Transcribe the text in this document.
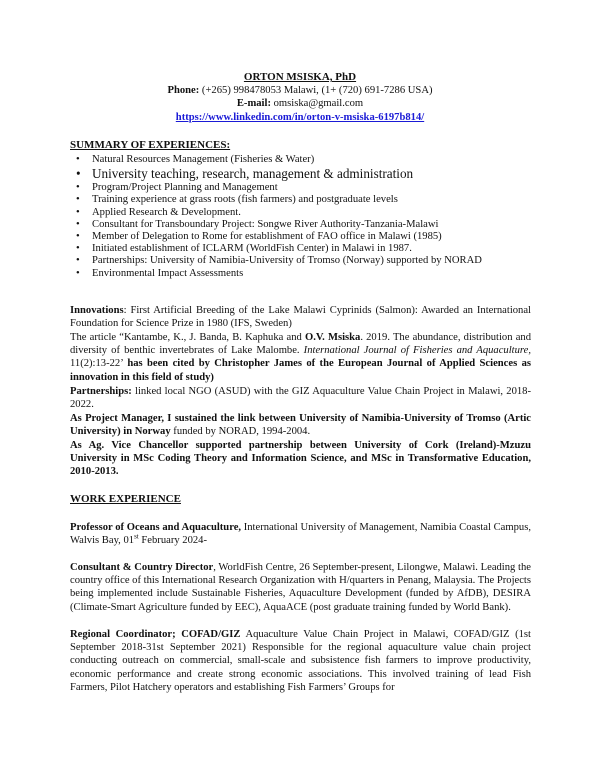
ORTON MSISKA, PhD
Phone: (+265) 998478053 Malawi, (1+ (720) 691-7286 USA)
E-mail: omsiska@gmail.com
https://www.linkedin.com/in/orton-v-msiska-6197b814/
SUMMARY OF EXPERIENCES:
• Natural Resources Management (Fisheries & Water)
• University teaching, research, management & administration
• Program/Project Planning and Management
• Training experience at grass roots (fish farmers) and postgraduate levels
• Applied Research & Development.
• Consultant for Transboundary Project: Songwe River Authority-Tanzania-Malawi
• Member of Delegation to Rome for establishment of FAO office in Malawi (1985)
• Initiated establishment of ICLARM (WorldFish Center) in Malawi in 1987.
• Partnerships: University of Namibia-University of Tromso (Norway) supported by NORAD
• Environmental Impact Assessments

Innovations: First Artificial Breeding of the Lake Malawi Cyprinids (Salmon): Awarded an International Foundation for Science Prize in 1980 (IFS, Sweden)

The article “Kantambe, K., J. Banda, B. Kaphuka and O.V. Msiska. 2019. The abundance, distribution and diversity of benthic invertebrates of Lake Malombe. International Journal of Fisheries and Aquaculture, 11(2):13-22’ has been cited by Christopher James of the European Journal of Applied Sciences as innovation in this field of study)

Partnerships: linked local NGO (ASUD) with the GIZ Aquaculture Value Chain Project in Malawi, 2018-2022.

As Project Manager, I sustained the link between University of Namibia-University of Tromso (Artic University) in Norway funded by NORAD, 1994-2004.

As Ag. Vice Chancellor supported partnership between University of Cork (Ireland)-Mzuzu University in MSc Coding Theory and Information Science, and MSc in Transformative Education, 2010-2013.

WORK EXPERIENCE

Professor of Oceans and Aquaculture, International University of Management, Namibia Coastal Campus, Walvis Bay, 01st February 2024-

Consultant & Country Director, WorldFish Centre, 26 September-present, Lilongwe, Malawi. Leading the country office of this International Research Organization with H/quarters in Penang, Malaysia. The Projects being implemented include Sustainable Fisheries, Aquaculture Development (funded by AfDB), DESIRA (Climate-Smart Agriculture funded by EEC), AquaACE (post graduate training funded by World Bank).

Regional Coordinator; COFAD/GIZ Aquaculture Value Chain Project in Malawi, COFAD/GIZ (1st September 2018-31st September 2021) Responsible for the regional aquaculture value chain project conducting outreach on commercial, small-scale and subsistence fish farmers to improve productivity, economic performance and create strong economic associations. This involved training of lead Fish Farmers, Pilot Hatchery operators and establishing Fish Farmers’ Groups for
